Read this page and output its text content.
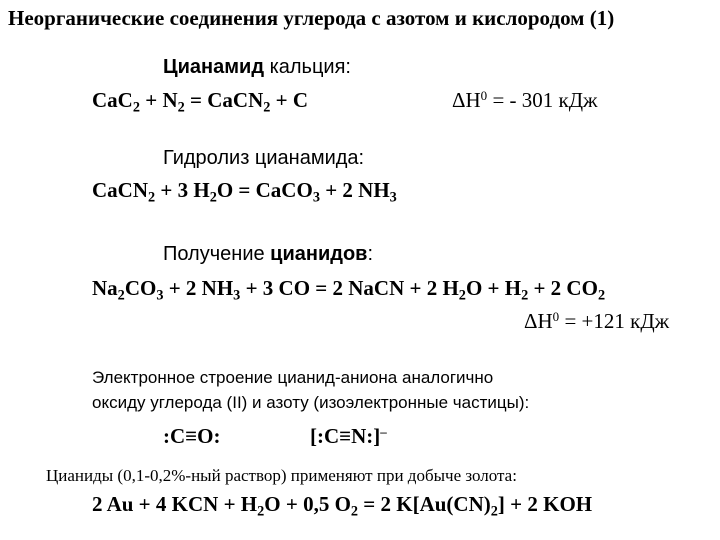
Неорганические соединения углерода с азотом и кислородом (1)
Цианамид кальция:
$CaC_2 + N_2$ = CaCN$_2$ + C	$\Delta H^0$ = - 301 кДж
Гидролиз цианамида:
CaCN$_2$ + 3 $H_2O$ = CaCO$_3$ + 2 $NH_3$
Получение цианидов:
$Na_2CO_3 + 2$ $NH_3 + 3$ CO = 2 NaCN + 2 $H_2O + H_2 + 2$ $CO_2$
$\Delta H^0 = +121$ кДж
Электронное строение цианид-аниона аналогично
оксиду углерода (II) и азоту (изоэлектронные частицы):
:C≡O:	[:C≡N:]–
Цианиды (0,1-0,2%-ный раствор) применяют при добыче золота:
2 Au + 4 KCN + $H_2O + 0,5$ $O_2 = 2$ $K[Au(CN)_2] + 2$ KOH
